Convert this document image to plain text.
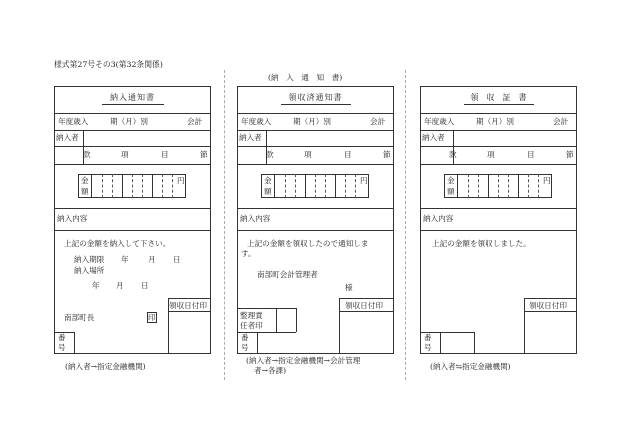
様式第27号その3(第32条関係)
(納　入　通　知　書)
納入通知書
年度歳入	期（月）別	会計
納入者
款	項	目	節
金
額
円
納入内容
上記の金額を納入して下さい。
納入期限 年	月 日
納入場所
年 月 日
領収日付印
南部町長	印
番
号
(納入者→指定金融機関)
領収済通知書
年度歳入	期（月）別	会計
納入者
款	項	目	節
金
額
円
納入内容
上記の金額を領収したので通知しま
す。
南部町会計管理者
様
領収日付印
整理責
任者印
番
号
(納入者→指定金融機関→会計管理
者→各課)
領　収　証　書
年度歳入	期（月）別	会計
納入者
款	項	目	節
金
額
円
納入内容
上記の金額を領収しました。
領収日付印
番
号
(納入者⇆指定金融機関)
